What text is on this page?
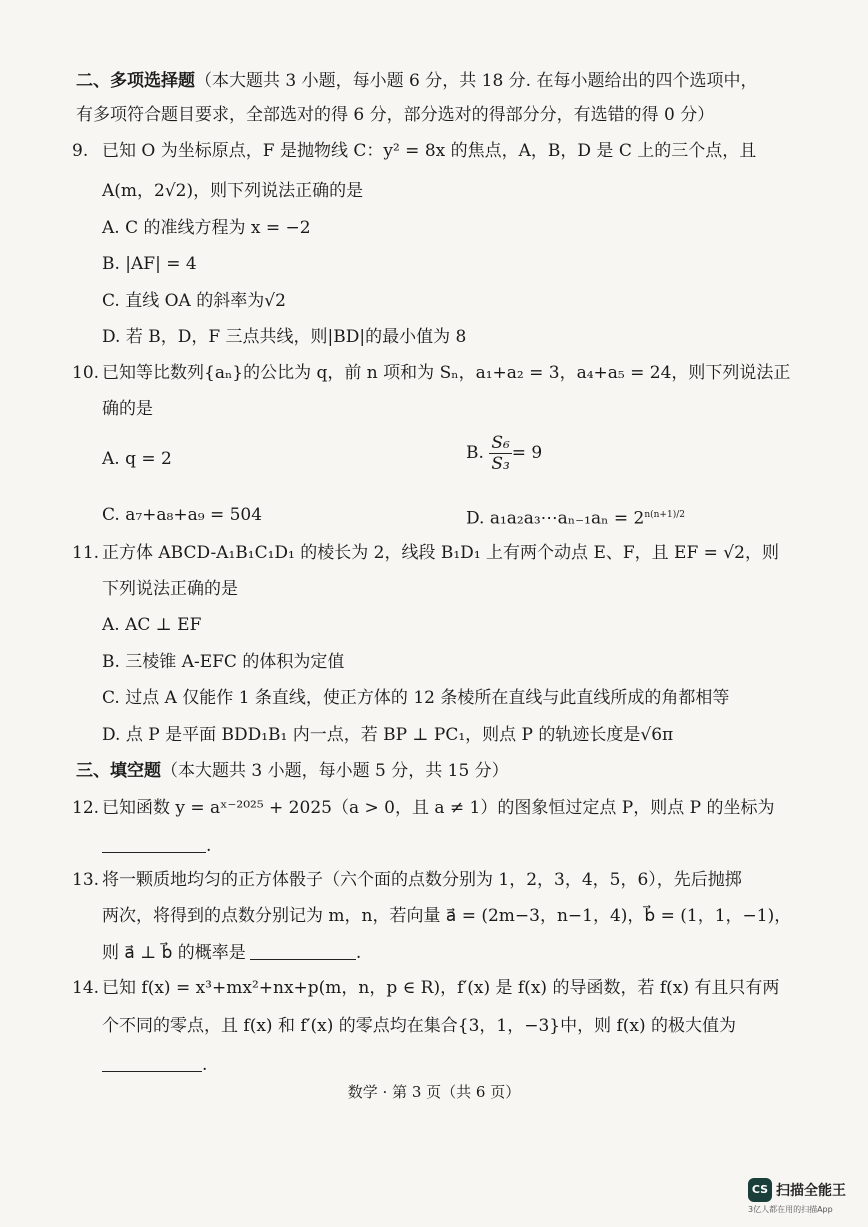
二、多项选择题（本大题共 3 小题，每小题 6 分，共 18 分. 在每小题给出的四个选项中，
有多项符合题目要求，全部选对的得 6 分，部分选对的得部分分，有选错的得 0 分）
9. 已知 O 为坐标原点，F 是抛物线 C：y² = 8x 的焦点，A，B，D 是 C 上的三个点，且
A(m，2√2)，则下列说法正确的是
A. C 的准线方程为 x = −2
B. |AF| = 4
C. 直线 OA 的斜率为√2
D. 若 B，D，F 三点共线，则|BD|的最小值为 8
10. 已知等比数列{aₙ}的公比为 q，前 n 项和为 Sₙ，a₁+a₂ = 3，a₄+a₅ = 24，则下列说法正
确的是
A. q = 2	B. $\frac{\text{S₆}}{\text{S₃}} = 9$
C. a₇+a₈+a₉ = 504	D. a₁a₂a₃⋯aₙ₋₁aₙ = $2^{n(n+1)/2}$
11. 正方体 ABCD-A₁B₁C₁D₁ 的棱长为 2，线段 B₁D₁ 上有两个动点 E、F，且 EF = √2，则
下列说法正确的是
A. AC ⊥ EF
B. 三棱锥 A-EFC 的体积为定值
C. 过点 A 仅能作 1 条直线，使正方体的 12 条棱所在直线与此直线所成的角都相等
D. 点 P 是平面 BDD₁B₁ 内一点，若 BP ⊥ PC₁，则点 P 的轨迹长度是√6π
三、填空题（本大题共 3 小题，每小题 5 分，共 15 分）
12. 已知函数 y = aˣ⁻²⁰²⁵ + 2025（a > 0，且 a ≠ 1）的图象恒过定点 P，则点 P 的坐标为
.
13. 将一颗质地均匀的正方体骰子（六个面的点数分别为 1，2，3，4，5，6），先后抛掷
两次，将得到的点数分别记为 m，n，若向量 a⃗ = (2m−3，n−1，4)，b⃗ = (1，1，−1)，
则 a⃗ ⊥ b⃗ 的概率是	.
14. 已知 f(x) = x³+mx²+nx+p(m，n，p ∈ R)，f′(x) 是 f(x) 的导函数，若 f(x) 有且只有两
个不同的零点，且 f(x) 和 f′(x) 的零点均在集合{3，1，−3}中，则 f(x) 的极大值为
.
数学 · 第 3 页（共 6 页）
CS 扫描全能王
3亿人都在用的扫描App
